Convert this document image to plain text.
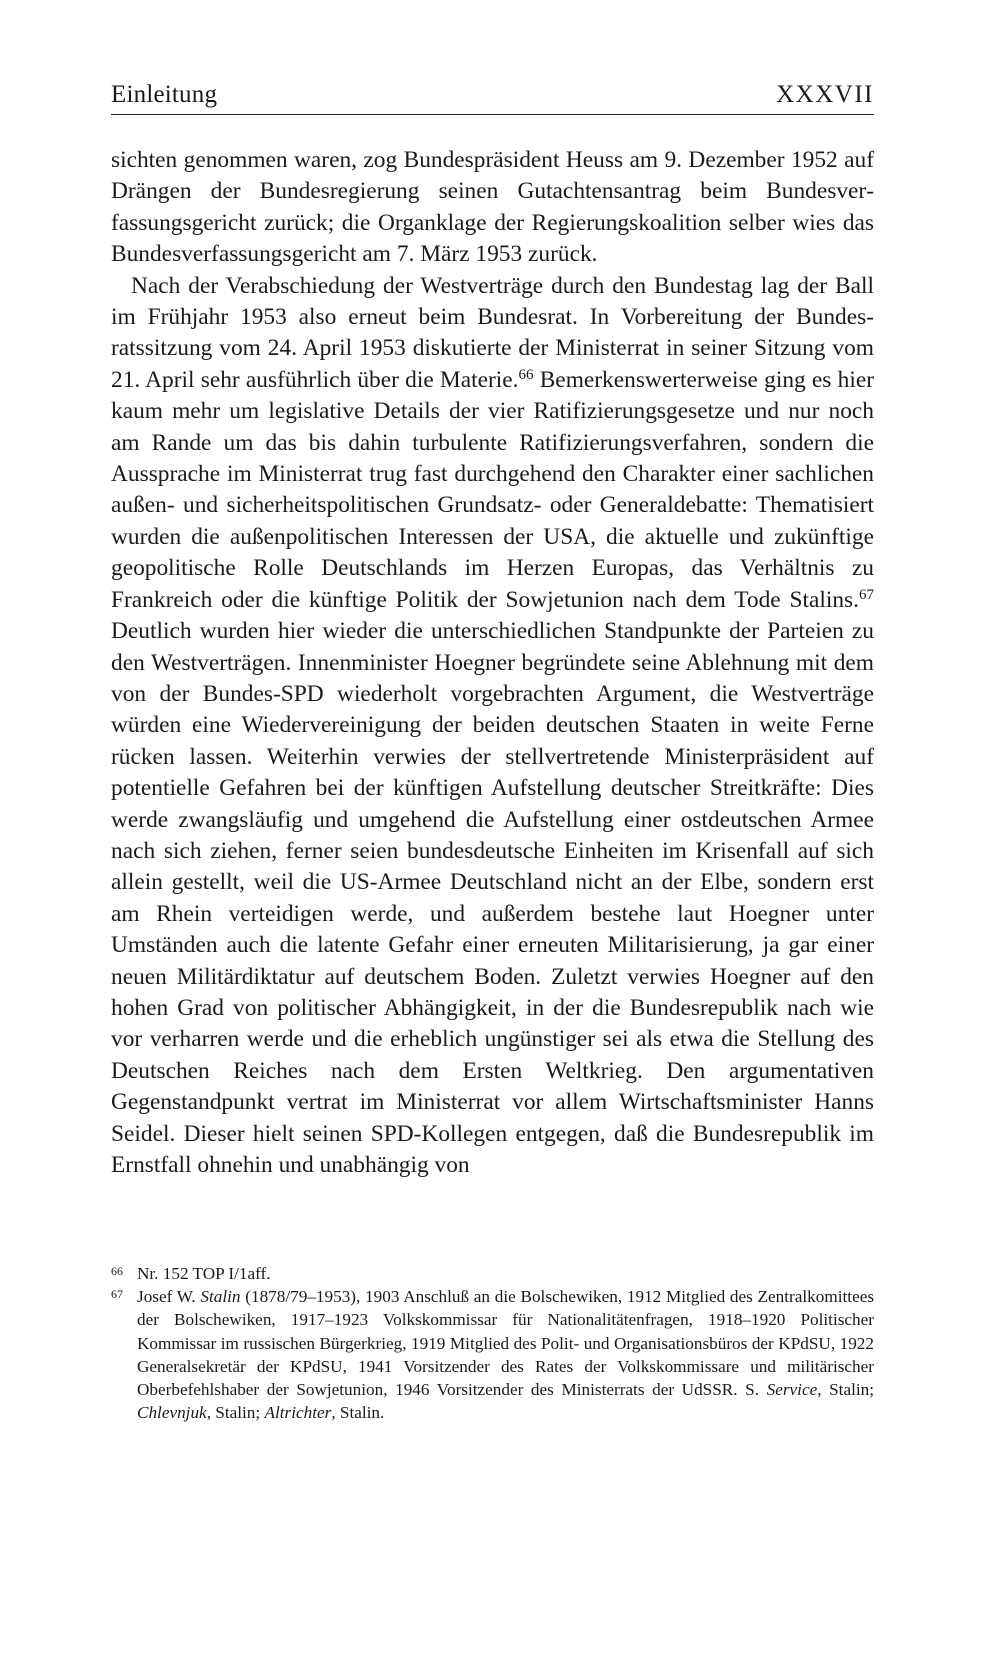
Einleitung	XXXVII

sichten genommen waren, zog Bundespräsident Heuss am 9. Dezember 1952 auf Drängen der Bundesregierung seinen Gutachtensantrag beim Bundesverfassungsgericht zurück; die Organklage der Regierungskoalition selber wies das Bundesverfassungsgericht am 7. März 1953 zurück.

Nach der Verabschiedung der Westverträge durch den Bundestag lag der Ball im Frühjahr 1953 also erneut beim Bundesrat. In Vorbereitung der Bundesratssitzung vom 24. April 1953 diskutierte der Ministerrat in seiner Sitzung vom 21. April sehr ausführlich über die Materie.$^{66}$ Bemerkenswerterweise ging es hier kaum mehr um legislative Details der vier Ratifizierungsgesetze und nur noch am Rande um das bis dahin turbulente Ratifizierungsverfahren, sondern die Aussprache im Ministerrat trug fast durchgehend den Charakter einer sachlichen außen- und sicherheitspolitischen Grundsatz- oder Generaldebatte: Thematisiert wurden die außenpolitischen Interessen der USA, die aktuelle und zukünftige geopolitische Rolle Deutschlands im Herzen Europas, das Verhältnis zu Frankreich oder die künftige Politik der Sowjetunion nach dem Tode Stalins.$^{67}$ Deutlich wurden hier wieder die unterschiedlichen Standpunkte der Parteien zu den Westverträgen. Innenminister Hoegner begründete seine Ablehnung mit dem von der Bundes-SPD wiederholt vorgebrachten Argument, die Westverträge würden eine Wiedervereinigung der beiden deutschen Staaten in weite Ferne rücken lassen. Weiterhin verwies der stellvertretende Ministerpräsident auf potentielle Gefahren bei der künftigen Aufstellung deutscher Streitkräfte: Dies werde zwangsläufig und umgehend die Aufstellung einer ostdeutschen Armee nach sich ziehen, ferner seien bundesdeutsche Einheiten im Krisenfall auf sich allein gestellt, weil die US-Armee Deutschland nicht an der Elbe, sondern erst am Rhein verteidigen werde, und außerdem bestehe laut Hoegner unter Umständen auch die latente Gefahr einer erneuten Militarisierung, ja gar einer neuen Militärdiktatur auf deutschem Boden. Zuletzt verwies Hoegner auf den hohen Grad von politischer Abhängigkeit, in der die Bundesrepublik nach wie vor verharren werde und die erheblich ungünstiger sei als etwa die Stellung des Deutschen Reiches nach dem Ersten Weltkrieg. Den argumentativen Gegenstandpunkt vertrat im Ministerrat vor allem Wirtschaftsminister Hanns Seidel. Dieser hielt seinen SPD-Kollegen entgegen, daß die Bundesrepublik im Ernstfall ohnehin und unabhängig von

66 Nr. 152 TOP I/1aff.
67 Josef W. Stalin (1878/79–1953), 1903 Anschluß an die Bolschewiken, 1912 Mitglied des Zentralkomittees der Bolschewiken, 1917–1923 Volkskommissar für Nationalitätenfragen, 1918–1920 Politischer Kommissar im russischen Bürgerkrieg, 1919 Mitglied des Polit- und Organisationsbüros der KPdSU, 1922 Generalsekretär der KPdSU, 1941 Vorsitzender des Rates der Volkskommissare und militärischer Oberbefehlshaber der Sowjetunion, 1946 Vorsitzender des Ministerrats der UdSSR. S. Service, Stalin; Chlevnjuk, Stalin; Altrichter, Stalin.
